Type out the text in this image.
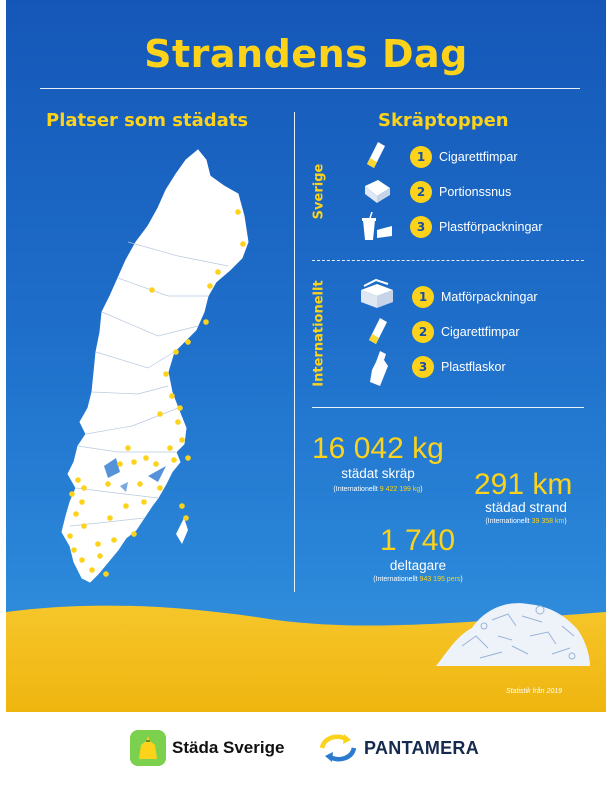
Strandens Dag
Platser som städats	Skräptoppen
Sverige
1	Cigarettfimpar
2	Portionssnus
3	Plastförpackningar
Internationellt	1	Matförpackningar
2	Cigarettfimpar
3	Plastflaskor
16 042 kg
städat skräp
(Internationellt 9 422 199 kg)	291 km
städad strand
(Internationellt 39 358 km)
1 740
deltagare
(Internationellt 943 195 pers)
Statistik från 2019
Städa Sverige	PANTAMERA
